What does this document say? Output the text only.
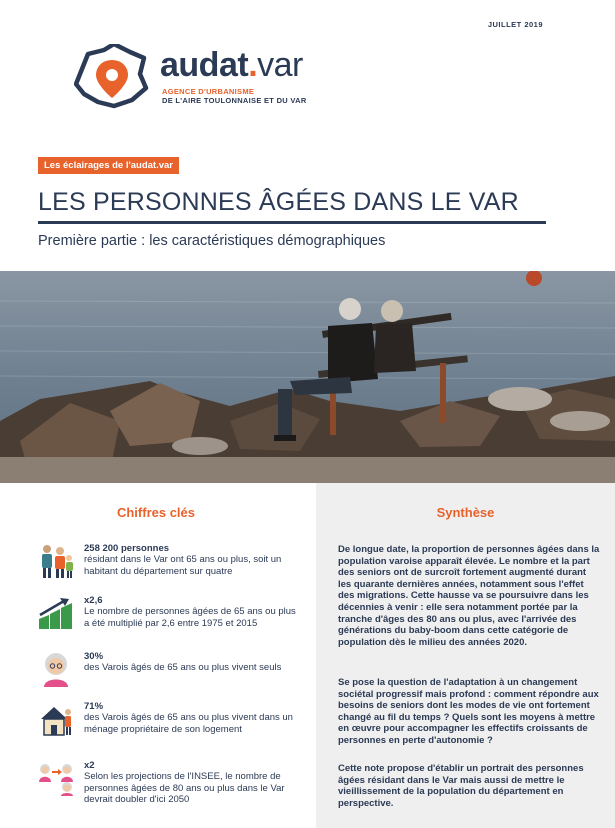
JUILLET 2019
audat.var
AGENCE D'URBANISME
DE L'AIRE TOULONNAISE ET DU VAR
Les éclairages de l'audat.var
LES PERSONNES ÂGÉES DANS LE VAR
Première partie : les caractéristiques démographiques
Chiffres clés
258 200 personnes
résidant dans le Var ont 65 ans ou plus, soit un habitant du département sur quatre
x2,6
Le nombre de personnes âgées de 65 ans ou plus a été multiplié par 2,6 entre 1975 et 2015
30%
des Varois âgés de 65 ans ou plus vivent seuls
71%
des Varois âgés de 65 ans ou plus vivent dans un ménage propriétaire de son logement
x2
Selon les projections de l'INSEE, le nombre de personnes âgées de 80 ans ou plus dans le Var devrait doubler d'ici 2050
Synthèse

De longue date, la proportion de personnes âgées dans la population varoise apparaît élevée. Le nombre et la part des seniors ont de surcroît fortement augmenté durant les quarante dernières années, notamment sous l'effet des migrations. Cette hausse va se poursuivre dans les décennies à venir : elle sera notamment portée par la tranche d'âges des 80 ans ou plus, avec l'arrivée des générations du baby-boom dans cette catégorie de population dès le milieu des années 2020.

Se pose la question de l'adaptation à un changement sociétal progressif mais profond : comment répondre aux besoins de seniors dont les modes de vie ont fortement changé au fil du temps ? Quels sont les moyens à mettre en œuvre pour accompagner les effectifs croissants de personnes en perte d'autonomie ?

Cette note propose d'établir un portrait des personnes âgées résidant dans le Var mais aussi de mettre le vieillissement de la population du département en perspective.
